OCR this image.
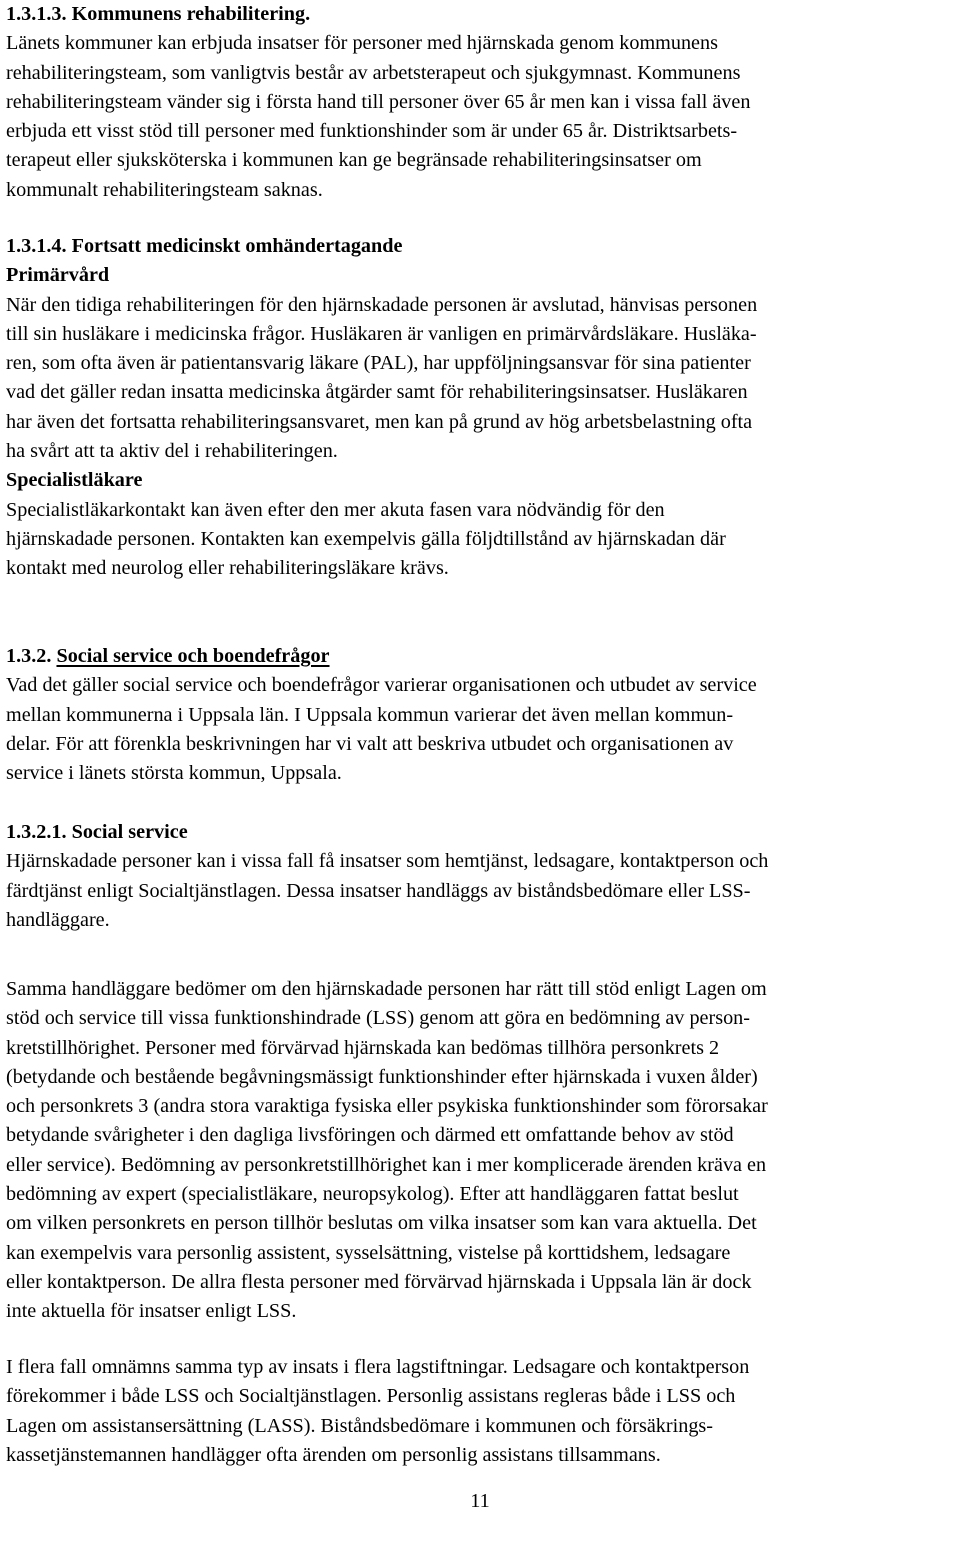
1.3.1.3. Kommunens rehabilitering.
Länets kommuner kan erbjuda insatser för personer med hjärnskada genom kommunens
rehabiliteringsteam, som vanligtvis består av arbetsterapeut och sjukgymnast. Kommunens
rehabiliteringsteam vänder sig i första hand till personer över 65 år men kan i vissa fall även
erbjuda ett visst stöd till personer med funktionshinder som är under 65 år. Distriktsarbets-
terapeut eller sjuksköterska i kommunen kan ge begränsade rehabiliteringsinsatser om
kommunalt rehabiliteringsteam saknas.
1.3.1.4. Fortsatt medicinskt omhändertagande
Primärvård
När den tidiga rehabiliteringen för den hjärnskadade personen är avslutad, hänvisas personen
till sin husläkare i medicinska frågor. Husläkaren är vanligen en primärvårdsläkare. Husläka-
ren, som ofta även är patientansvarig läkare (PAL), har uppföljningsansvar för sina patienter
vad det gäller redan insatta medicinska åtgärder samt för rehabiliteringsinsatser. Husläkaren
har även det fortsatta rehabiliteringsansvaret, men kan på grund av hög arbetsbelastning ofta
ha svårt att ta aktiv del i rehabiliteringen.
Specialistläkare
Specialistläkarkontakt kan även efter den mer akuta fasen vara nödvändig för den
hjärnskadade personen. Kontakten kan exempelvis gälla följdtillstånd av hjärnskadan där
kontakt med neurolog eller rehabiliteringsläkare krävs.
1.3.2. Social service och boendefrågor
Vad det gäller social service och boendefrågor varierar organisationen och utbudet av service
mellan kommunerna i Uppsala län. I Uppsala kommun varierar det även mellan kommun-
delar. För att förenkla beskrivningen har vi valt att beskriva utbudet och organisationen av
service i länets största kommun, Uppsala.
1.3.2.1. Social service
Hjärnskadade personer kan i vissa fall få insatser som hemtjänst, ledsagare, kontaktperson och
färdtjänst enligt Socialtjänstlagen. Dessa insatser handläggs av biståndsbedömare eller LSS-
handläggare.
Samma handläggare bedömer om den hjärnskadade personen har rätt till stöd enligt Lagen om
stöd och service till vissa funktionshindrade (LSS) genom att göra en bedömning av person-
kretstillhörighet. Personer med förvärvad hjärnskada kan bedömas tillhöra personkrets 2
(betydande och bestående begåvningsmässigt funktionshinder efter hjärnskada i vuxen ålder)
och personkrets 3 (andra stora varaktiga fysiska eller psykiska funktionshinder som förorsakar
betydande svårigheter i den dagliga livsföringen och därmed ett omfattande behov av stöd
eller service). Bedömning av personkretstillhörighet kan i mer komplicerade ärenden kräva en
bedömning av expert (specialistläkare, neuropsykolog). Efter att handläggaren fattat beslut
om vilken personkrets en person tillhör beslutas om vilka insatser som kan vara aktuella. Det
kan exempelvis vara personlig assistent, sysselsättning, vistelse på korttidshem, ledsagare
eller kontaktperson. De allra flesta personer med förvärvad hjärnskada i Uppsala län är dock
inte aktuella för insatser enligt LSS.
I flera fall omnämns samma typ av insats i flera lagstiftningar. Ledsagare och kontaktperson
förekommer i både LSS och Socialtjänstlagen. Personlig assistans regleras både i LSS och
Lagen om assistansersättning (LASS). Biståndsbedömare i kommunen och försäkrings-
kassetjänstemannen handlägger ofta ärenden om personlig assistans tillsammans.
11
